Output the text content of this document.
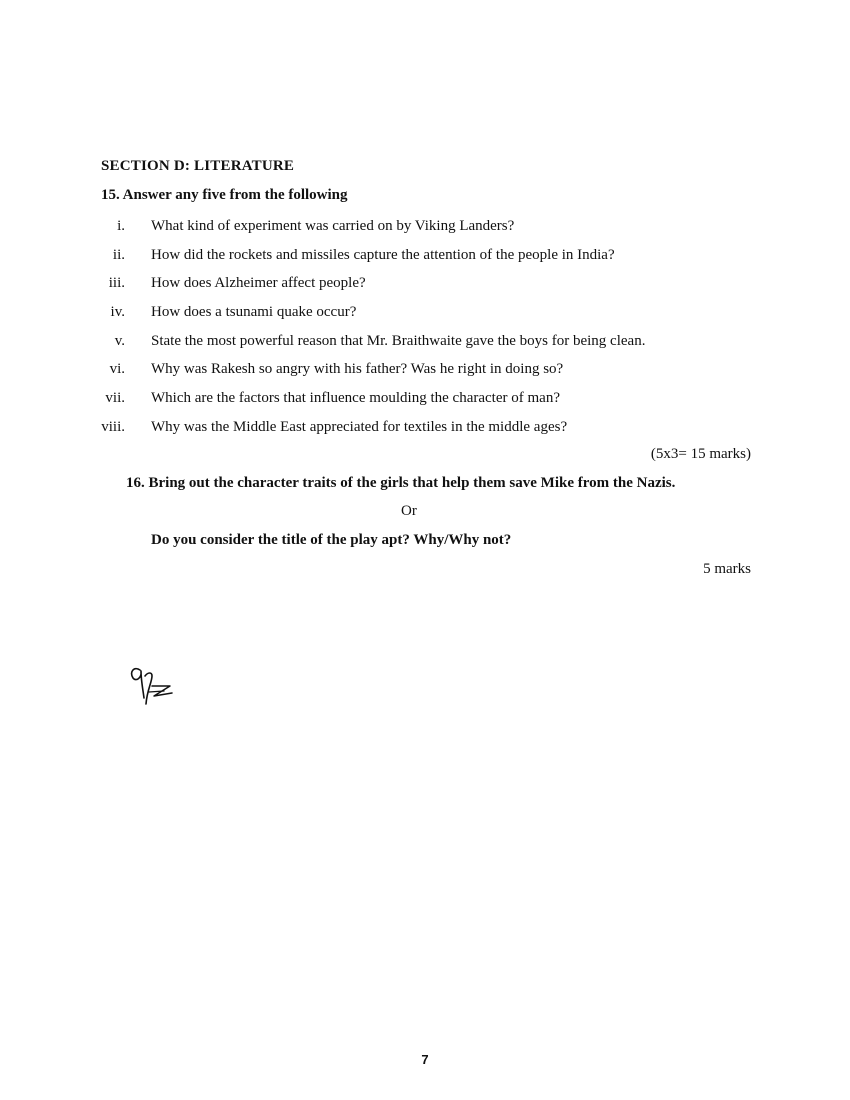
SECTION D: LITERATURE
15. Answer any five from the following
i. What kind of experiment was carried on by Viking Landers?
ii. How did the rockets and missiles capture the attention of the people in India?
iii. How does Alzheimer affect people?
iv. How does a tsunami quake occur?
v. State the most powerful reason that Mr. Braithwaite gave the boys for being clean.
vi. Why was Rakesh so angry with his father? Was he right in doing so?
vii. Which are the factors that influence moulding the character of man?
viii. Why was the Middle East appreciated for textiles in the middle ages?
(5x3= 15 marks)
16. Bring out the character traits of the girls that help them save Mike from the Nazis.
Or
Do you consider the title of the play apt? Why/Why not?
5 marks
7
